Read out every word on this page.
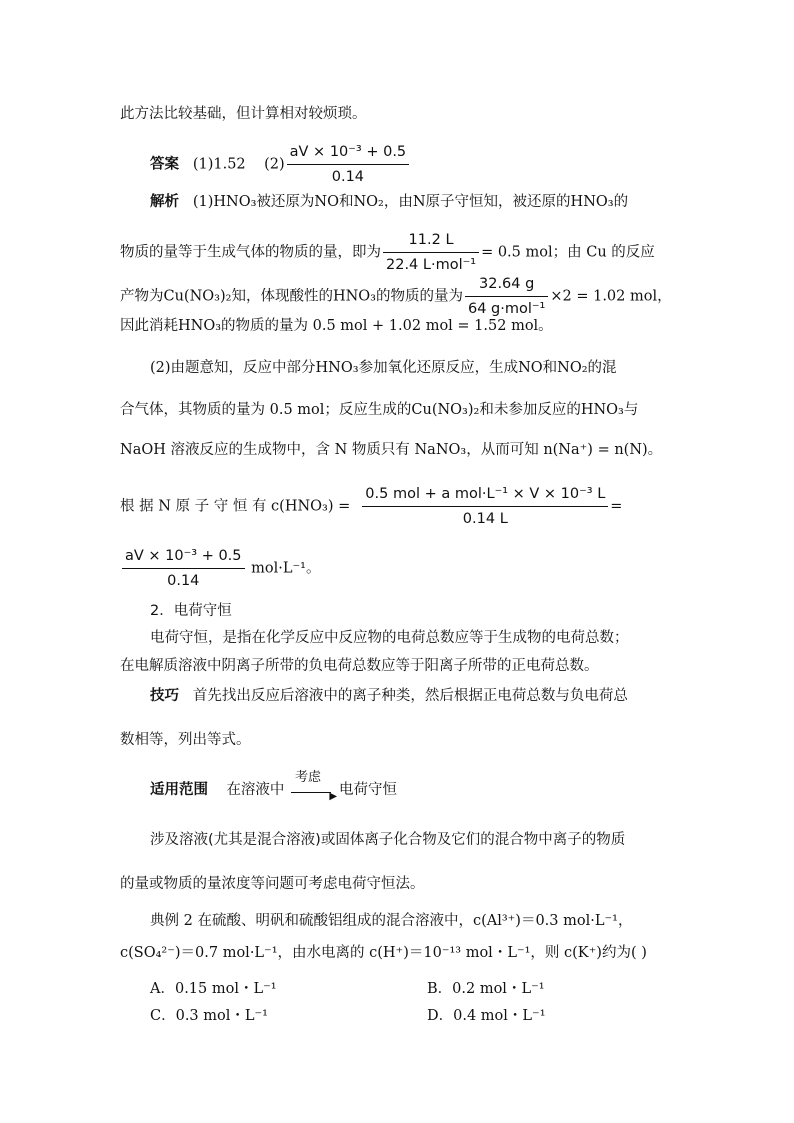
此方法比较基础，但计算相对较烦琐。
答案 (1)1.52 $(2) \frac{\text{aV × 10⁻³ + 0.5}}{0.14}$
解析 (1)HNO₃被还原为NO和NO₂，由N原子守恒知，被还原的HNO₃的
物质的量等于生成气体的物质的量，即为 $\frac{11.2 L}{\text{22.4 L·mol⁻¹}} = 0.5$ mol；由 Cu 的反应
产物为Cu(NO₃)₂知，体现酸性的HNO₃的物质的量为 $\frac{32.64 g}{\text{64 g·mol⁻¹}} \times 2 = 1.02$ mol，
因此消耗HNO₃的物质的量为 0.5 mol + 1.02 mol = 1.52 mol。
(2)由题意知，反应中部分HNO₃参加氧化还原反应，生成NO和NO₂的混
合气体，其物质的量为 0.5 mol；反应生成的Cu(NO₃)₂和未参加反应的HNO₃与
NaOH 溶液反应的生成物中，含 N 物质只有 NaNO₃，从而可知 n(Na⁺) = n(N)。
根 据 N 原 子 守 恒 有 $c(HNO_3) = \frac{\text{0.5 mol + a mol·L⁻¹ × V × 10⁻³ L}}{0.14 L}$ =
$\frac{\text{aV × 10⁻³ + 0.5}}{0.14} mol\cdot L^{-1}$。
2．电荷守恒
电荷守恒，是指在化学反应中反应物的电荷总数应等于生成物的电荷总数；
在电解质溶液中阴离子所带的负电荷总数应等于阳离子所带的正电荷总数。
技巧 首先找出反应后溶液中的离子种类，然后根据正电荷总数与负电荷总
数相等，列出等式。
适用范围 在溶液中
考虑
▶ 电荷守恒
涉及溶液(尤其是混合溶液)或固体离子化合物及它们的混合物中离子的物质
的量或物质的量浓度等问题可考虑电荷守恒法。
典例 2 在硫酸、明矾和硫酸铝组成的混合溶液中，c(Al³⁺)＝0.3 mol·L⁻¹，
c(SO₄²⁻)＝0.7 mol·L⁻¹，由水电离的 c(H⁺)＝10⁻¹³ mol・L⁻¹，则 c(K⁺)约为( )
A．0.15 mol・L⁻¹	B．0.2 mol・L⁻¹
C．0.3 mol・L⁻¹	D．0.4 mol・L⁻¹
